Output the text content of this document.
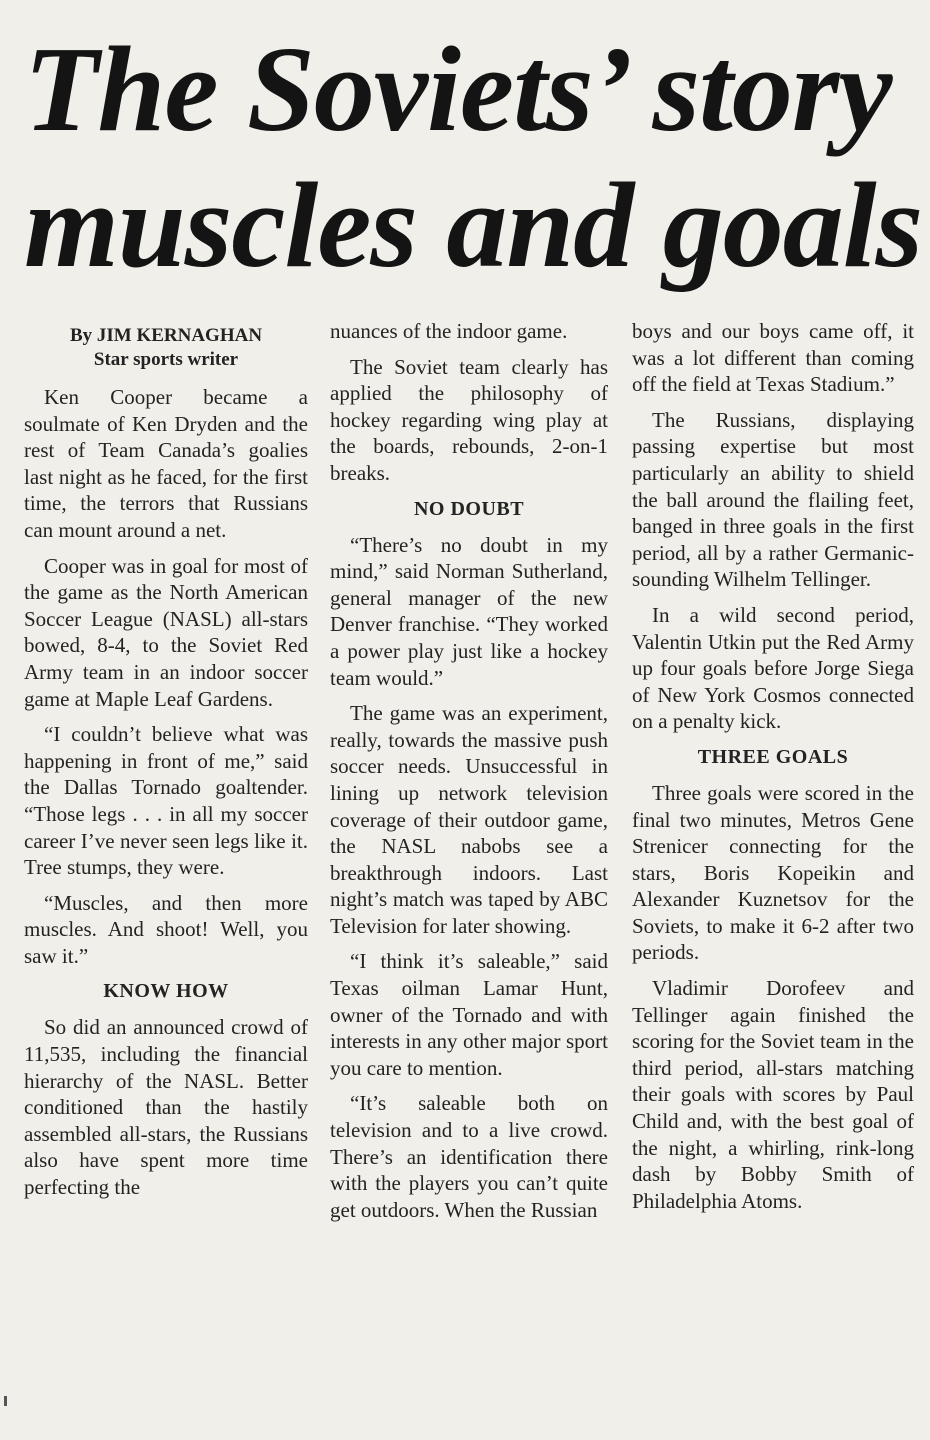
The Soviets’ story
muscles and goals
By JIM KERNAGHAN
Star sports writer

Ken Cooper became a soulmate of Ken Dryden and the rest of Team Canada’s goalies last night as he faced, for the first time, the terrors that Russians can mount around a net.

Cooper was in goal for most of the game as the North American Soccer League (NASL) all-stars bowed, 8-4, to the Soviet Red Army team in an indoor soccer game at Maple Leaf Gardens.

“I couldn’t believe what was happening in front of me,” said the Dallas Tornado goaltender. “Those legs . . . in all my soccer career I’ve never seen legs like it. Tree stumps, they were.

“Muscles, and then more muscles. And shoot! Well, you saw it.”

KNOW HOW

So did an announced crowd of 11,535, including the financial hierarchy of the NASL. Better conditioned than the hastily assembled all-stars, the Russians also have spent more time perfecting the

nuances of the indoor game.

The Soviet team clearly has applied the philosophy of hockey regarding wing play at the boards, rebounds, 2-on-1 breaks.

NO DOUBT

“There’s no doubt in my mind,” said Norman Sutherland, general manager of the new Denver franchise. “They worked a power play just like a hockey team would.”

The game was an experiment, really, towards the massive push soccer needs. Unsuccessful in lining up network television coverage of their outdoor game, the NASL nabobs see a breakthrough indoors. Last night’s match was taped by ABC Television for later showing.

“I think it’s saleable,” said Texas oilman Lamar Hunt, owner of the Tornado and with interests in any other major sport you care to mention.

“It’s saleable both on television and to a live crowd. There’s an identification there with the players you can’t quite get outdoors. When the Russian

boys and our boys came off, it was a lot different than coming off the field at Texas Stadium.”

The Russians, displaying passing expertise but most particularly an ability to shield the ball around the flailing feet, banged in three goals in the first period, all by a rather Germanic-sounding Wilhelm Tellinger.

In a wild second period, Valentin Utkin put the Red Army up four goals before Jorge Siega of New York Cosmos connected on a penalty kick.

THREE GOALS

Three goals were scored in the final two minutes, Metros Gene Strenicer connecting for the stars, Boris Kopeikin and Alexander Kuznetsov for the Soviets, to make it 6-2 after two periods.

Vladimir Dorofeev and Tellinger again finished the scoring for the Soviet team in the third period, all-stars matching their goals with scores by Paul Child and, with the best goal of the night, a whirling, rink-long dash by Bobby Smith of Philadelphia Atoms.
